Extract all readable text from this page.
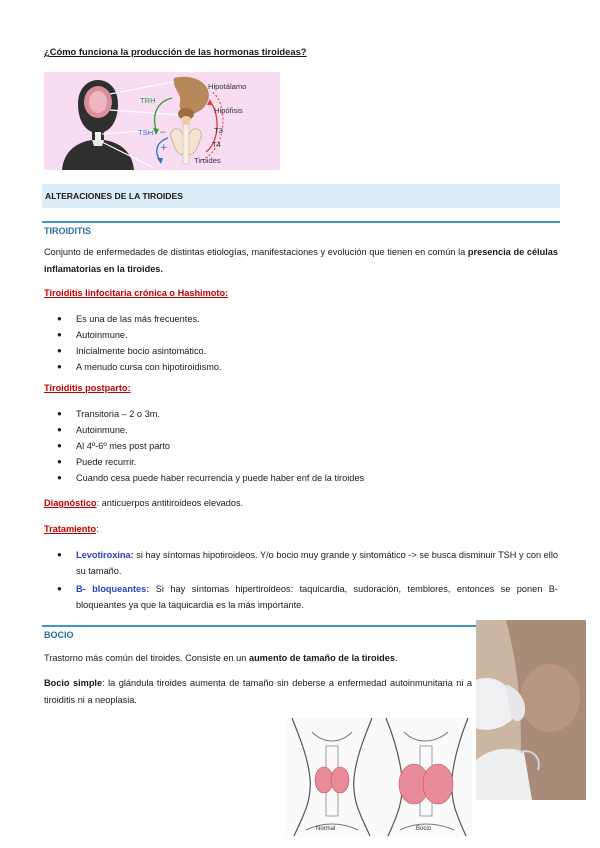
¿Cómo funciona la producción de las hormonas tiroideas?
−
+
TRH
TSH
Hipotálamo
Hipófisis
T3
T4
Tiroides
ALTERACIONES DE LA TIROIDES
TIROIDITIS
Conjunto de enfermedades de distintas etiologías, manifestaciones y evolución que tienen en común la presencia de células inflamatorias en la tiroides.
Tiroiditis linfocitaria crónica o Hashimoto:
● Es una de las más frecuentes.
● Autoinmune.
● Inicialmente bocio asintomático.
● A menudo cursa con hipotiroidismo.
Tiroiditis postparto:
● Transitoria – 2 o 3m.
● Autoinmune.
● Al 4º-6º mes post parto
● Puede recurrir.
● Cuando cesa puede haber recurrencia y puede haber enf de la tiroides
Diagnóstico: anticuerpos antitiroideos elevados.
Tratamiento:
● Levotiroxina: si hay síntomas hipotiroideos. Y/o bocio muy grande y sintomático -> se busca disminuir TSH y con ello su tamaño.
● B- bloqueantes: Si hay síntomas hipertiroideos: taquicardia, sudoración, temblores, entonces se ponen B-bloqueantes ya que la taquicardia es la más importante.
BOCIO
Trastorno más común del tiroides. Consiste en un aumento de tamaño de la tiroides.
Bocio simple: la glándula tiroides aumenta de tamaño sin deberse a enfermedad autoinmunitaria ni a tiroiditis ni a neoplasia.
Normal	Bocio
